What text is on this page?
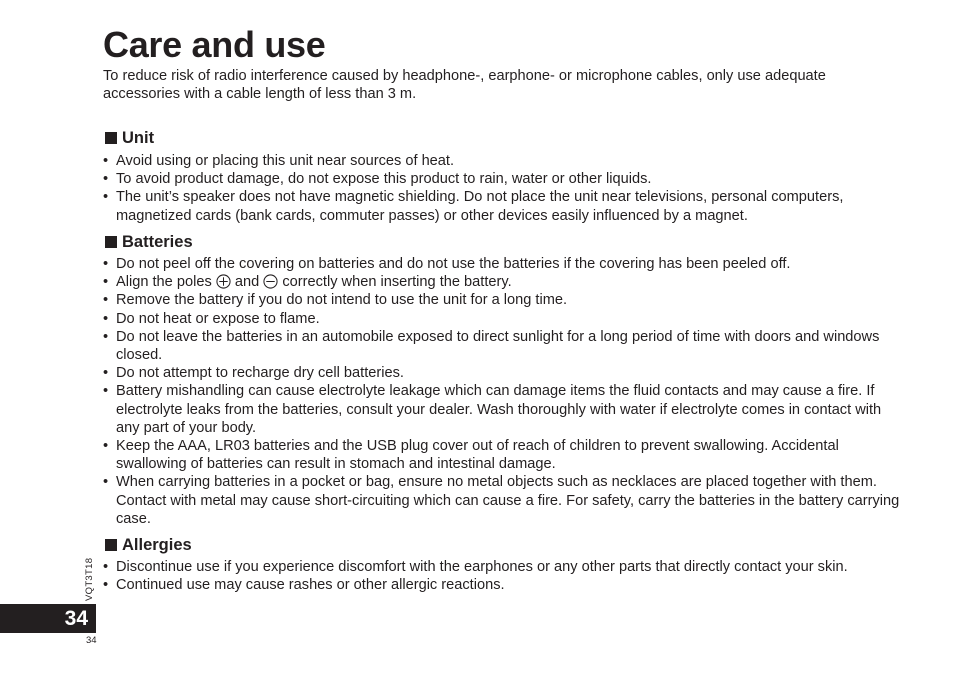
Care and use

To reduce risk of radio interference caused by headphone-, earphone- or microphone cables, only use adequate accessories with a cable length of less than 3 m.

Unit
• Avoid using or placing this unit near sources of heat.
• To avoid product damage, do not expose this product to rain, water or other liquids.
• The unit’s speaker does not have magnetic shielding. Do not place the unit near televisions, personal computers, magnetized cards (bank cards, commuter passes) or other devices easily influenced by a magnet.
Batteries
• Do not peel off the covering on batteries and do not use the batteries if the covering has been peeled off.
• Align the poles and correctly when inserting the battery.
• Remove the battery if you do not intend to use the unit for a long time.
• Do not heat or expose to flame.
• Do not leave the batteries in an automobile exposed to direct sunlight for a long period of time with doors and windows closed.
• Do not attempt to recharge dry cell batteries.
• Battery mishandling can cause electrolyte leakage which can damage items the fluid contacts and may cause a fire. If electrolyte leaks from the batteries, consult your dealer. Wash thoroughly with water if electrolyte comes in contact with any part of your body.
• Keep the AAA, LR03 batteries and the USB plug cover out of reach of children to prevent swallowing. Accidental swallowing of batteries can result in stomach and intestinal damage.
• When carrying batteries in a pocket or bag, ensure no metal objects such as necklaces are placed together with them. Contact with metal may cause short-circuiting which can cause a fire. For safety, carry the batteries in the battery carrying case.
Allergies
• Discontinue use if you experience discomfort with the earphones or any other parts that directly contact your skin.
• Continued use may cause rashes or other allergic reactions.
VQT3T18
34
34
